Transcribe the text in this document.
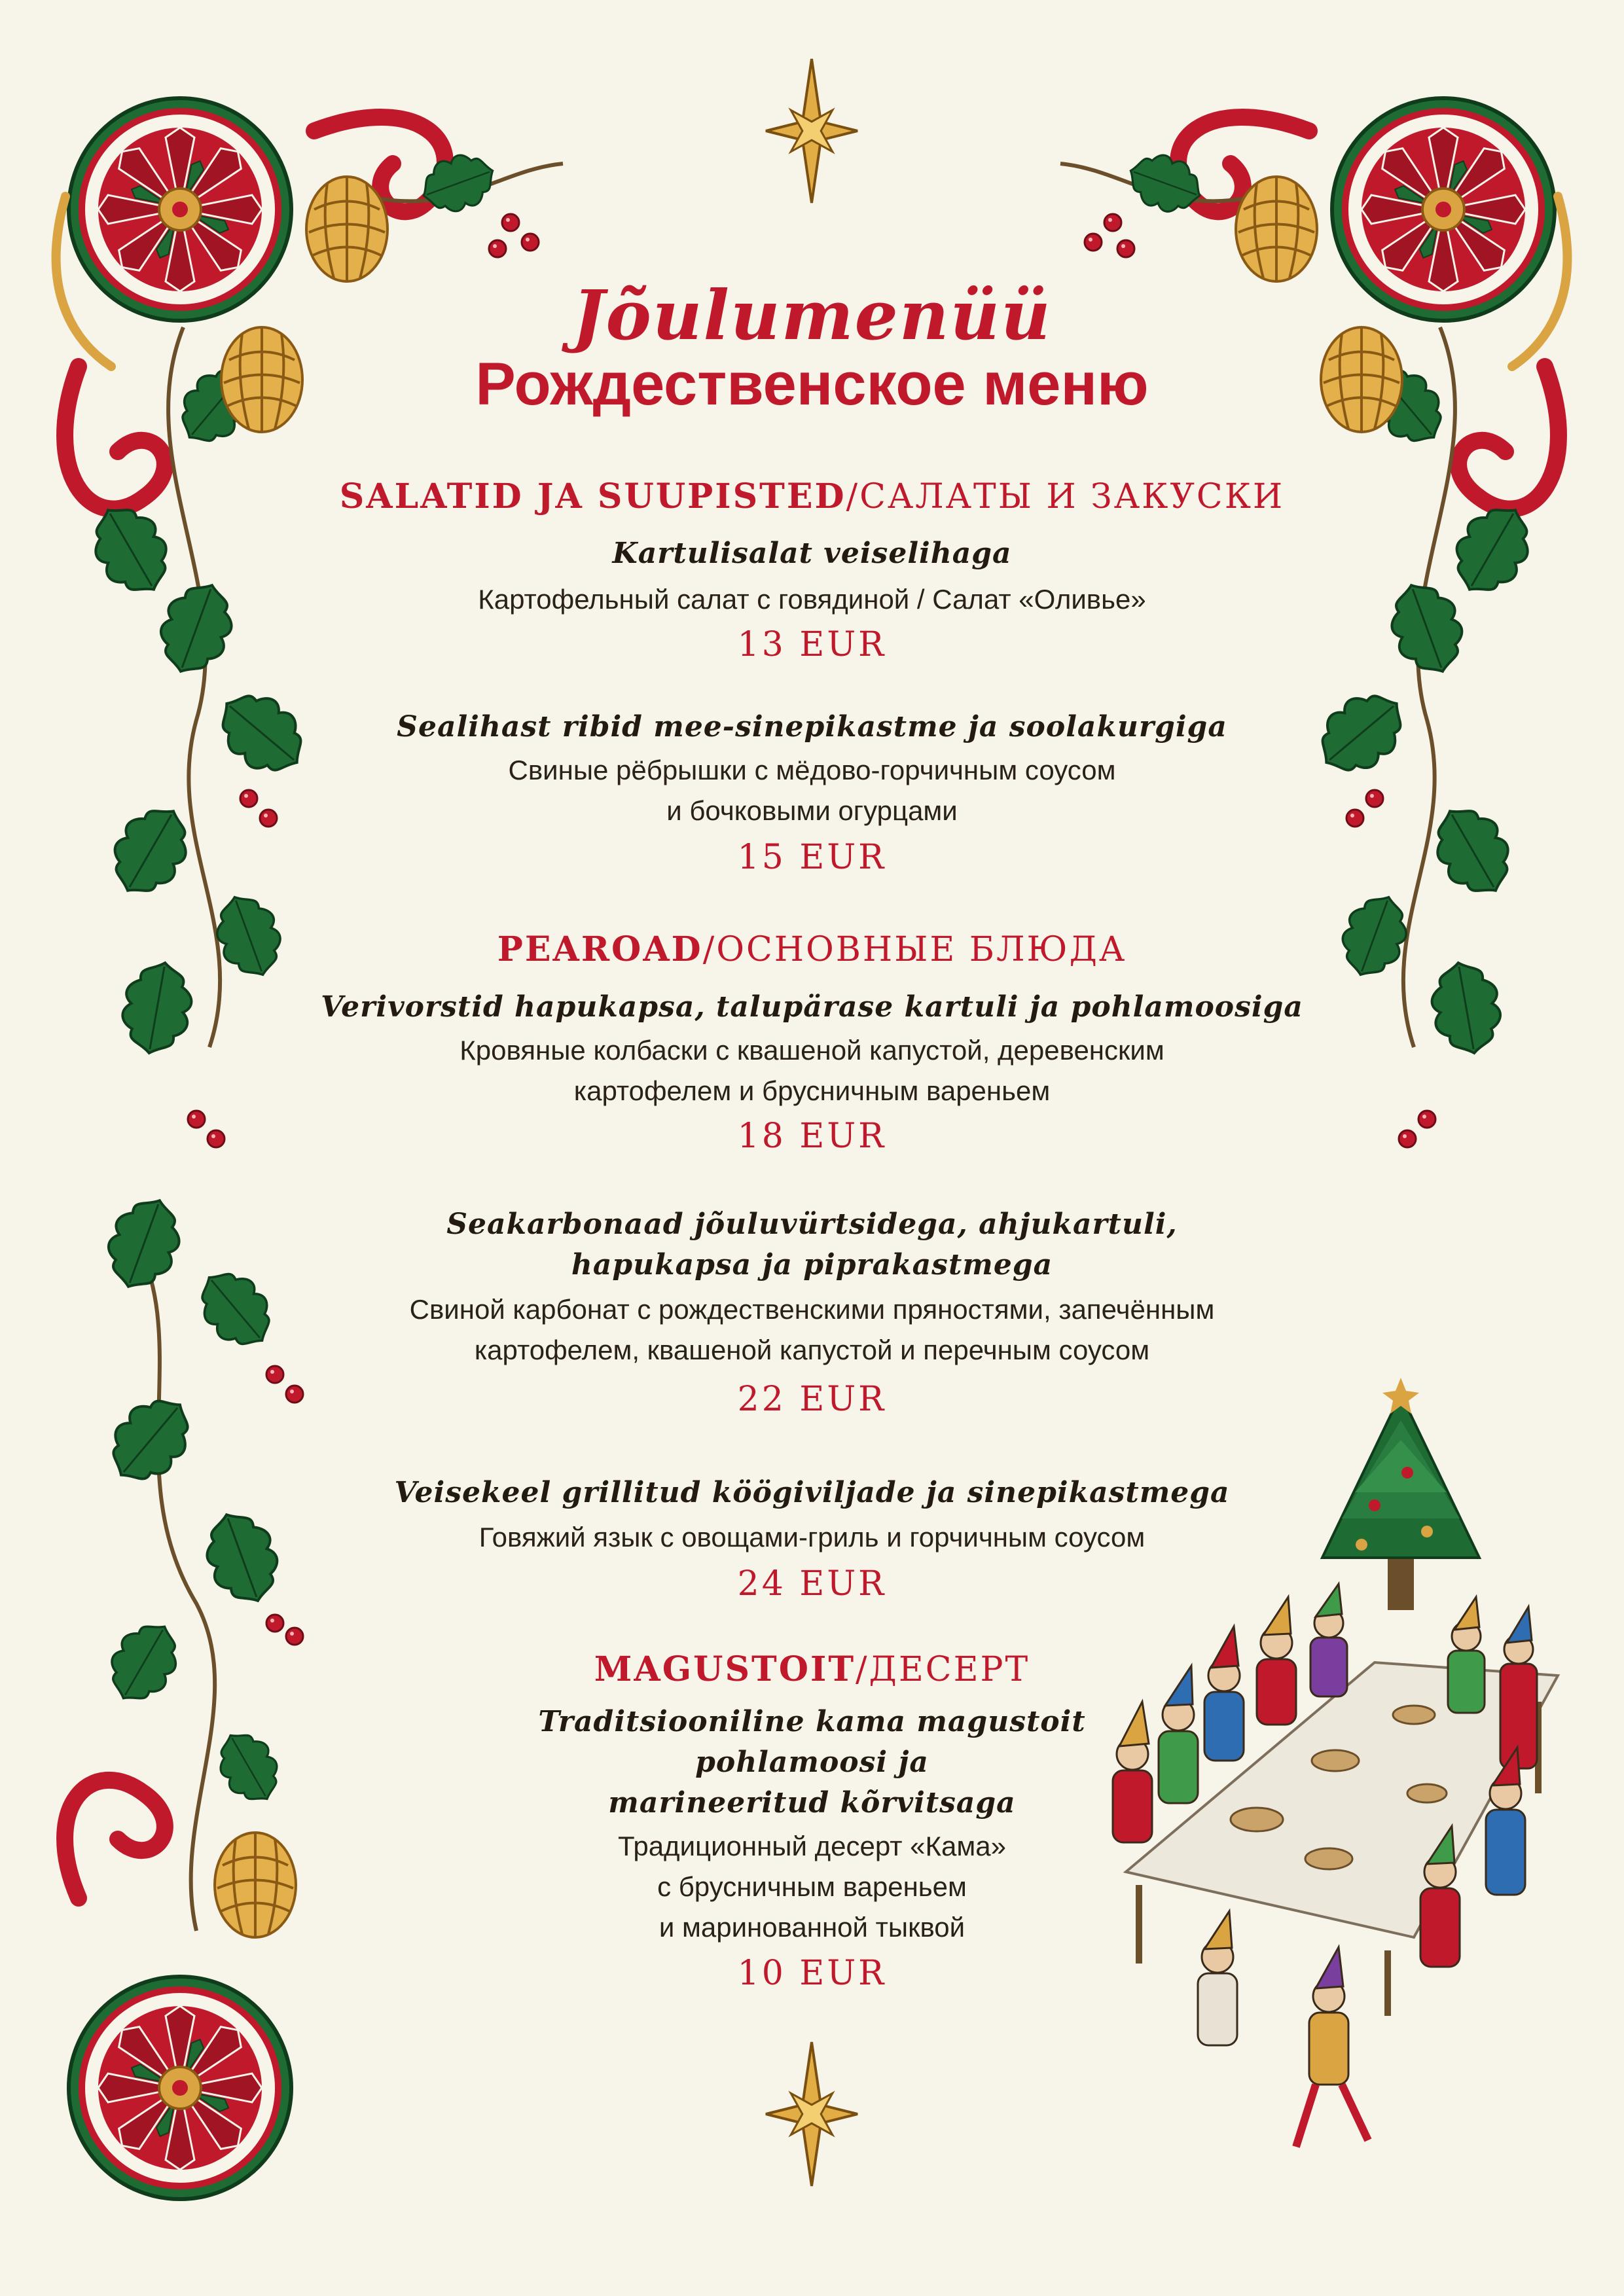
Jõulumenüü
Рождественское меню
SALATID JA SUUPISTED/САЛАТЫ И ЗАКУСКИ
Kartulisalat veiselihaga
Картофельный салат с говядиной / Салат «Оливье»
13 EUR
Sealihast ribid mee-sinepikastme ja soolakurgiga
Свиные рёбрышки с мёдово-горчичным соусом
и бочковыми огурцами
15 EUR
PEAROAD/ОСНОВНЫЕ БЛЮДА
Verivorstid hapukapsa, talupärase kartuli ja pohlamoosiga
Кровяные колбаски с квашеной капустой, деревенским
картофелем и брусничным вареньем
18 EUR
Seakarbonaad jõuluvürtsidega, ahjukartuli,
hapukapsa ja piprakastmega
Свиной карбонат с рождественскими пряностями, запечённым
картофелем, квашеной капустой и перечным соусом
22 EUR
Veisekeel grillitud köögiviljade ja sinepikastmega
Говяжий язык с овощами-гриль и горчичным соусом
24 EUR
MAGUSTOIT/ДЕСЕРТ
Traditsiooniline kama magustoit
pohlamoosi ja
marineeritud kõrvitsaga
Традиционный десерт «Кама»
с брусничным вареньем
и маринованной тыквой
10 EUR
